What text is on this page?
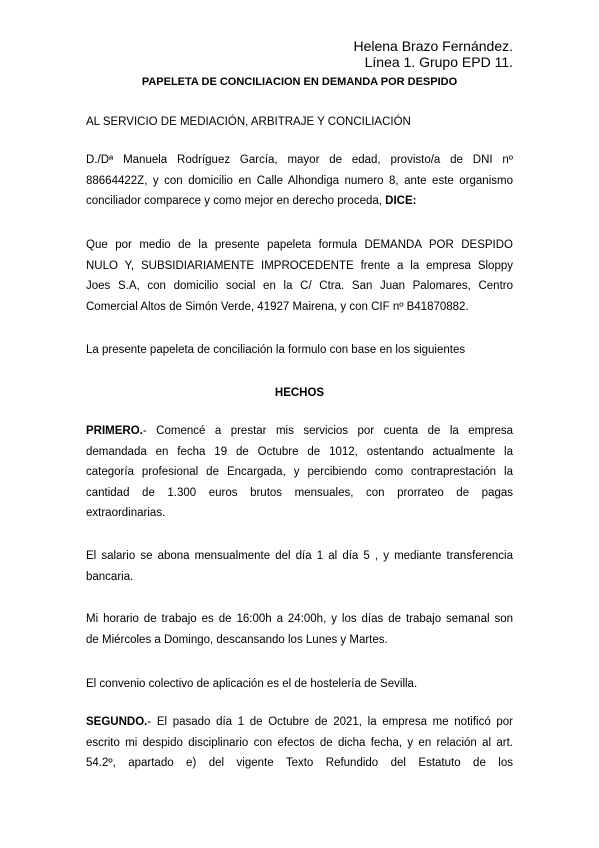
Helena Brazo Fernández.
Línea 1. Grupo EPD 11.
PAPELETA DE CONCILIACION EN DEMANDA POR DESPIDO
AL SERVICIO DE MEDIACIÓN, ARBITRAJE Y CONCILIACIÓN
D./Dª Manuela Rodríguez García, mayor de edad, provisto/a de DNI nº
88664422Z, y con domicilio en Calle Alhondiga numero 8, ante este organismo
conciliador comparece y como mejor en derecho proceda, DICE:
Que por medio de la presente papeleta formula DEMANDA POR DESPIDO
NULO Y, SUBSIDIARIAMENTE IMPROCEDENTE frente a la empresa Sloppy
Joes S.A, con domicilio social en la C/ Ctra. San Juan Palomares, Centro
Comercial Altos de Simón Verde, 41927 Mairena, y con CIF nº B41870882.
La presente papeleta de conciliación la formulo con base en los siguientes
HECHOS
PRIMERO.- Comencé a prestar mis servicios por cuenta de la empresa
demandada en fecha 19 de Octubre de 1012, ostentando actualmente la
categoría profesional de Encargada, y percibiendo como contraprestación la
cantidad de 1.300 euros brutos mensuales, con prorrateo de pagas
extraordinarias.
El salario se abona mensualmente del día 1 al día 5 , y mediante transferencia
bancaria.
Mi horario de trabajo es de 16:00h a 24:00h, y los días de trabajo semanal son
de Miércoles a Domingo, descansando los Lunes y Martes.
El convenio colectivo de aplicación es el de hostelería de Sevilla.
SEGUNDO.- El pasado día 1 de Octubre de 2021, la empresa me notificó por
escrito mi despido disciplinario con efectos de dicha fecha, y en relación al art.
54.2º, apartado e) del vigente Texto Refundido del Estatuto de los
